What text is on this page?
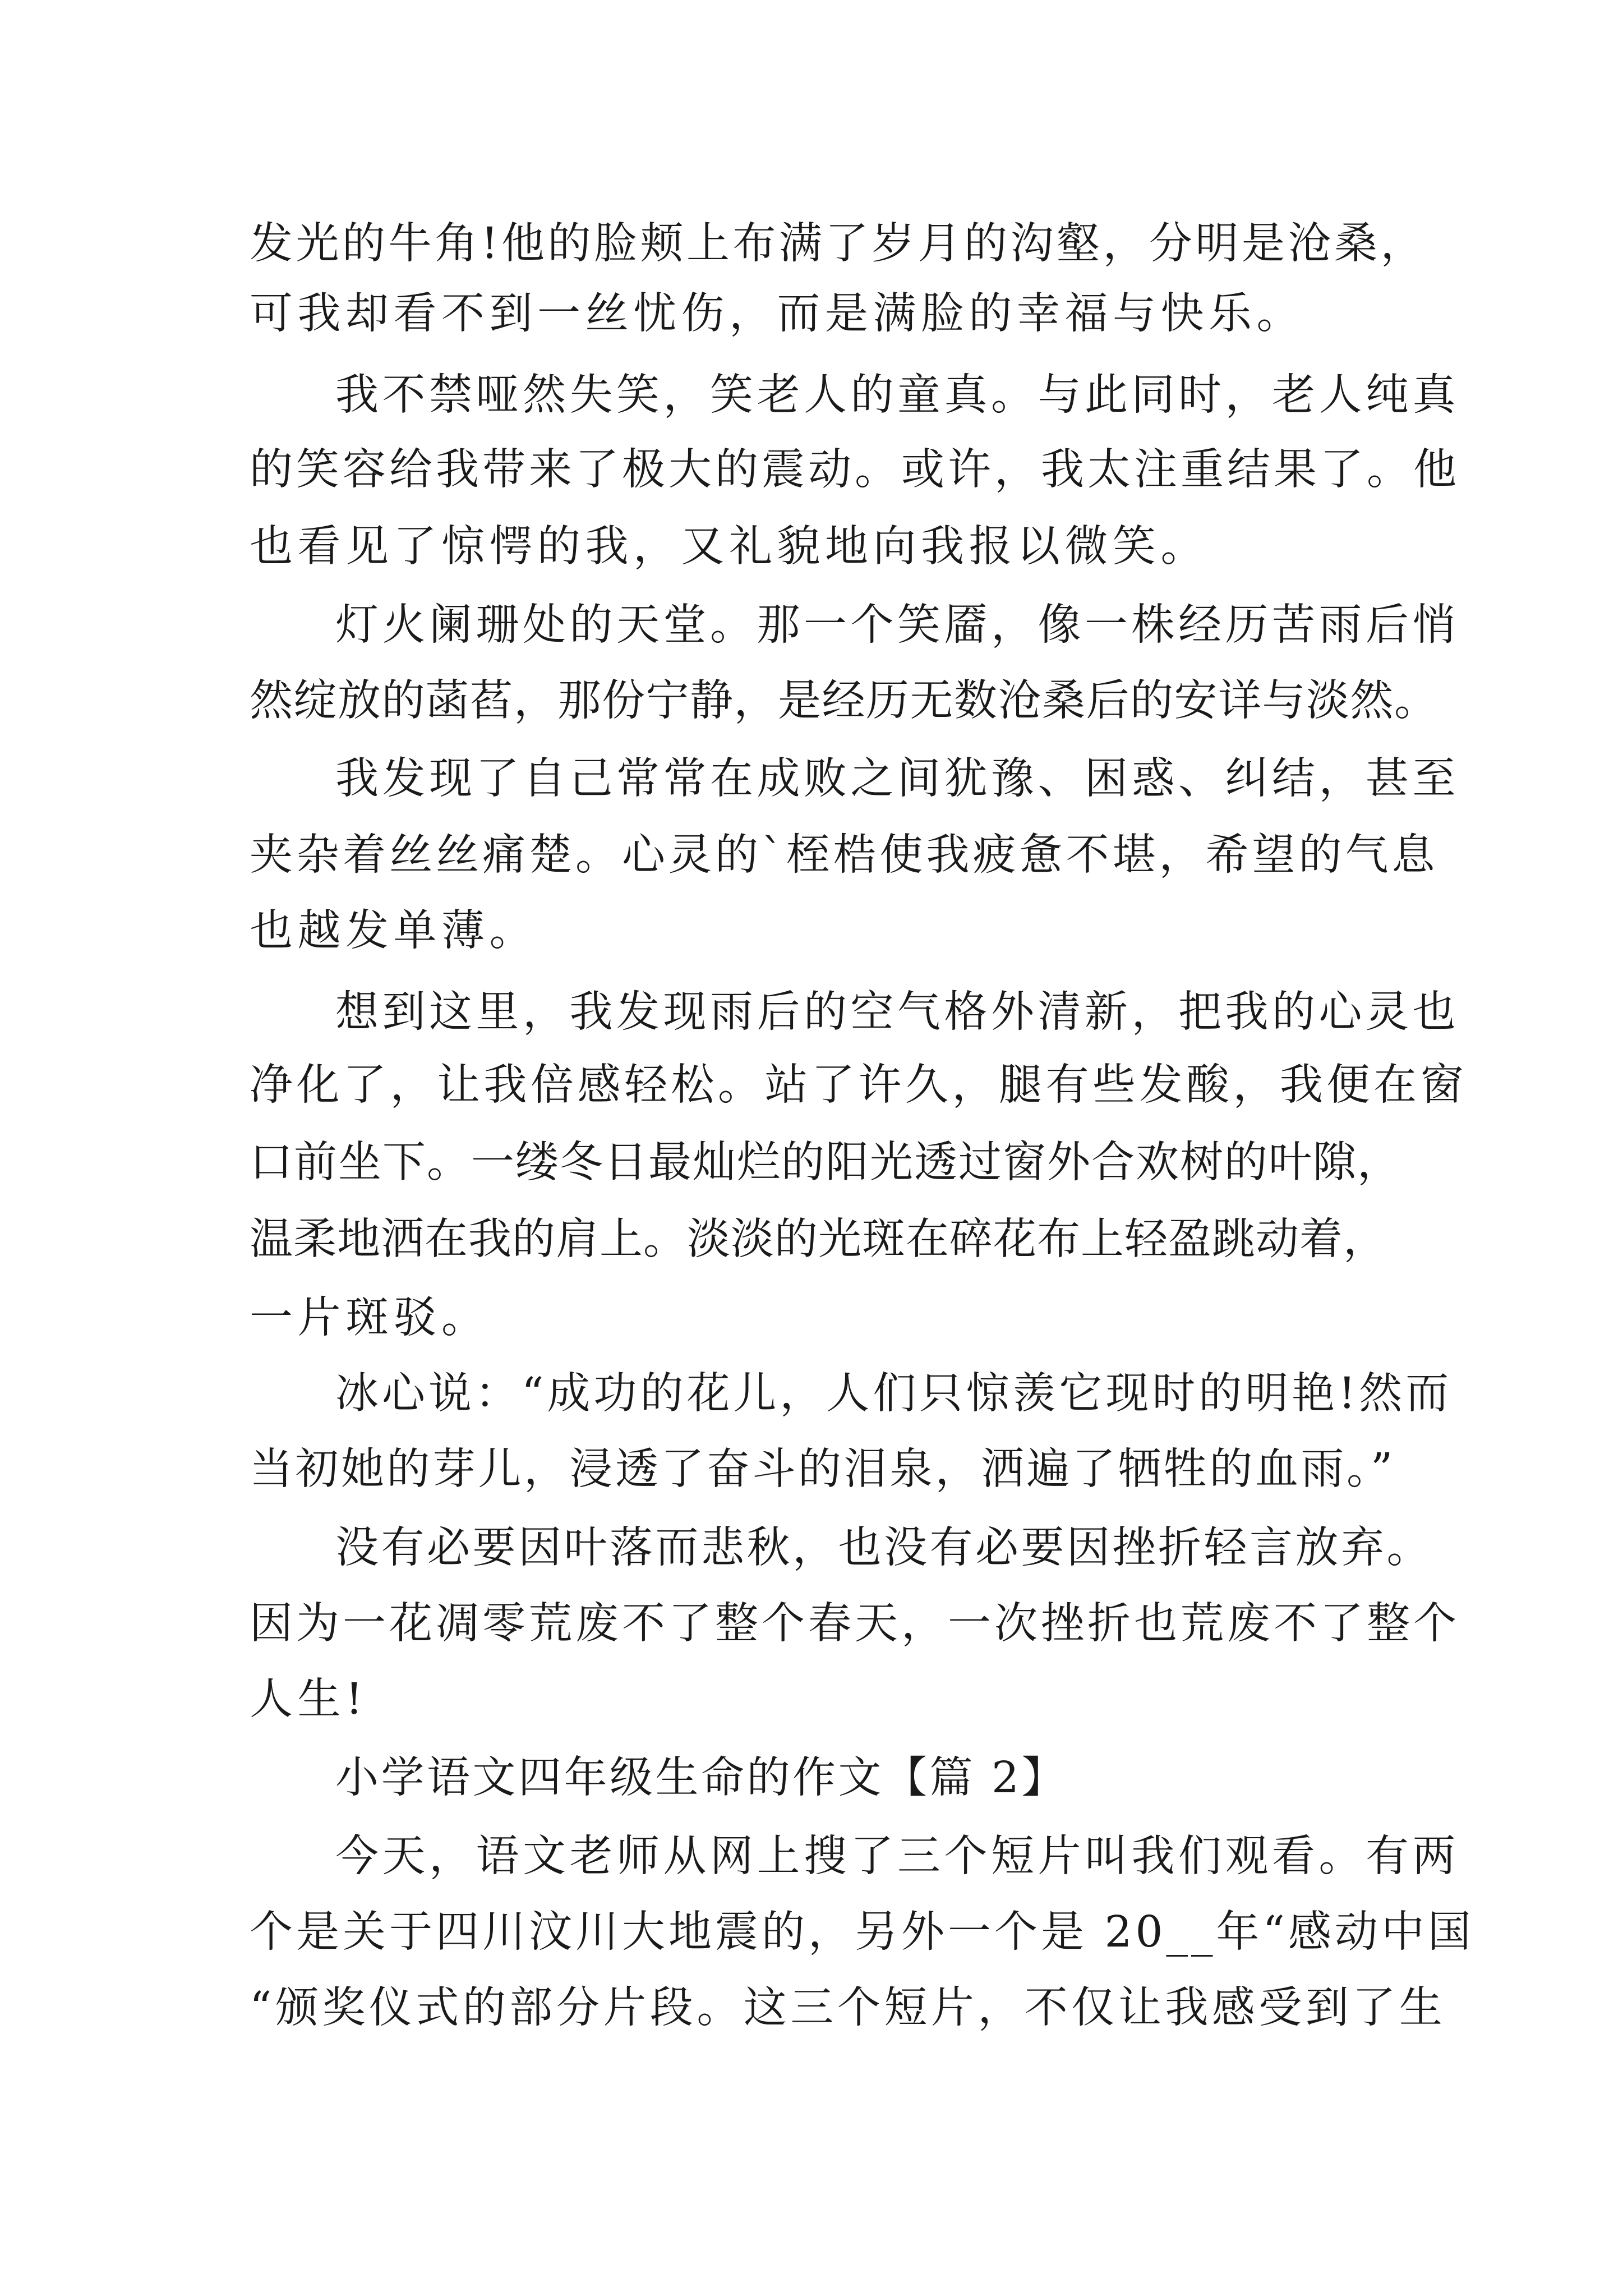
发光的牛角!他的脸颊上布满了岁月的沟壑，分明是沧桑，

可我却看不到一丝忧伤，而是满脸的幸福与快乐。

我不禁哑然失笑，笑老人的童真。与此同时，老人纯真

的笑容给我带来了极大的震动。或许，我太注重结果了。他

也看见了惊愕的我，又礼貌地向我报以微笑。

灯火阑珊处的天堂。那一个笑靥，像一株经历苦雨后悄

然绽放的菡萏，那份宁静，是经历无数沧桑后的安详与淡然。

我发现了自己常常在成败之间犹豫、困惑、纠结，甚至

夹杂着丝丝痛楚。心灵的`桎梏使我疲惫不堪，希望的气息

也越发单薄。

想到这里，我发现雨后的空气格外清新，把我的心灵也

净化了，让我倍感轻松。站了许久，腿有些发酸，我便在窗

口前坐下。一缕冬日最灿烂的阳光透过窗外合欢树的叶隙，

温柔地洒在我的肩上。淡淡的光斑在碎花布上轻盈跳动着，

一片斑驳。

冰心说：“成功的花儿，人们只惊羡它现时的明艳!然而

当初她的芽儿，浸透了奋斗的泪泉，洒遍了牺牲的血雨。”

没有必要因叶落而悲秋，也没有必要因挫折轻言放弃。

因为一花凋零荒废不了整个春天，一次挫折也荒废不了整个

人生!

小学语文四年级生命的作文【篇 2】

今天，语文老师从网上搜了三个短片叫我们观看。有两

个是关于四川汶川大地震的，另外一个是 20__年“感动中国

“颁奖仪式的部分片段。这三个短片，不仅让我感受到了生
